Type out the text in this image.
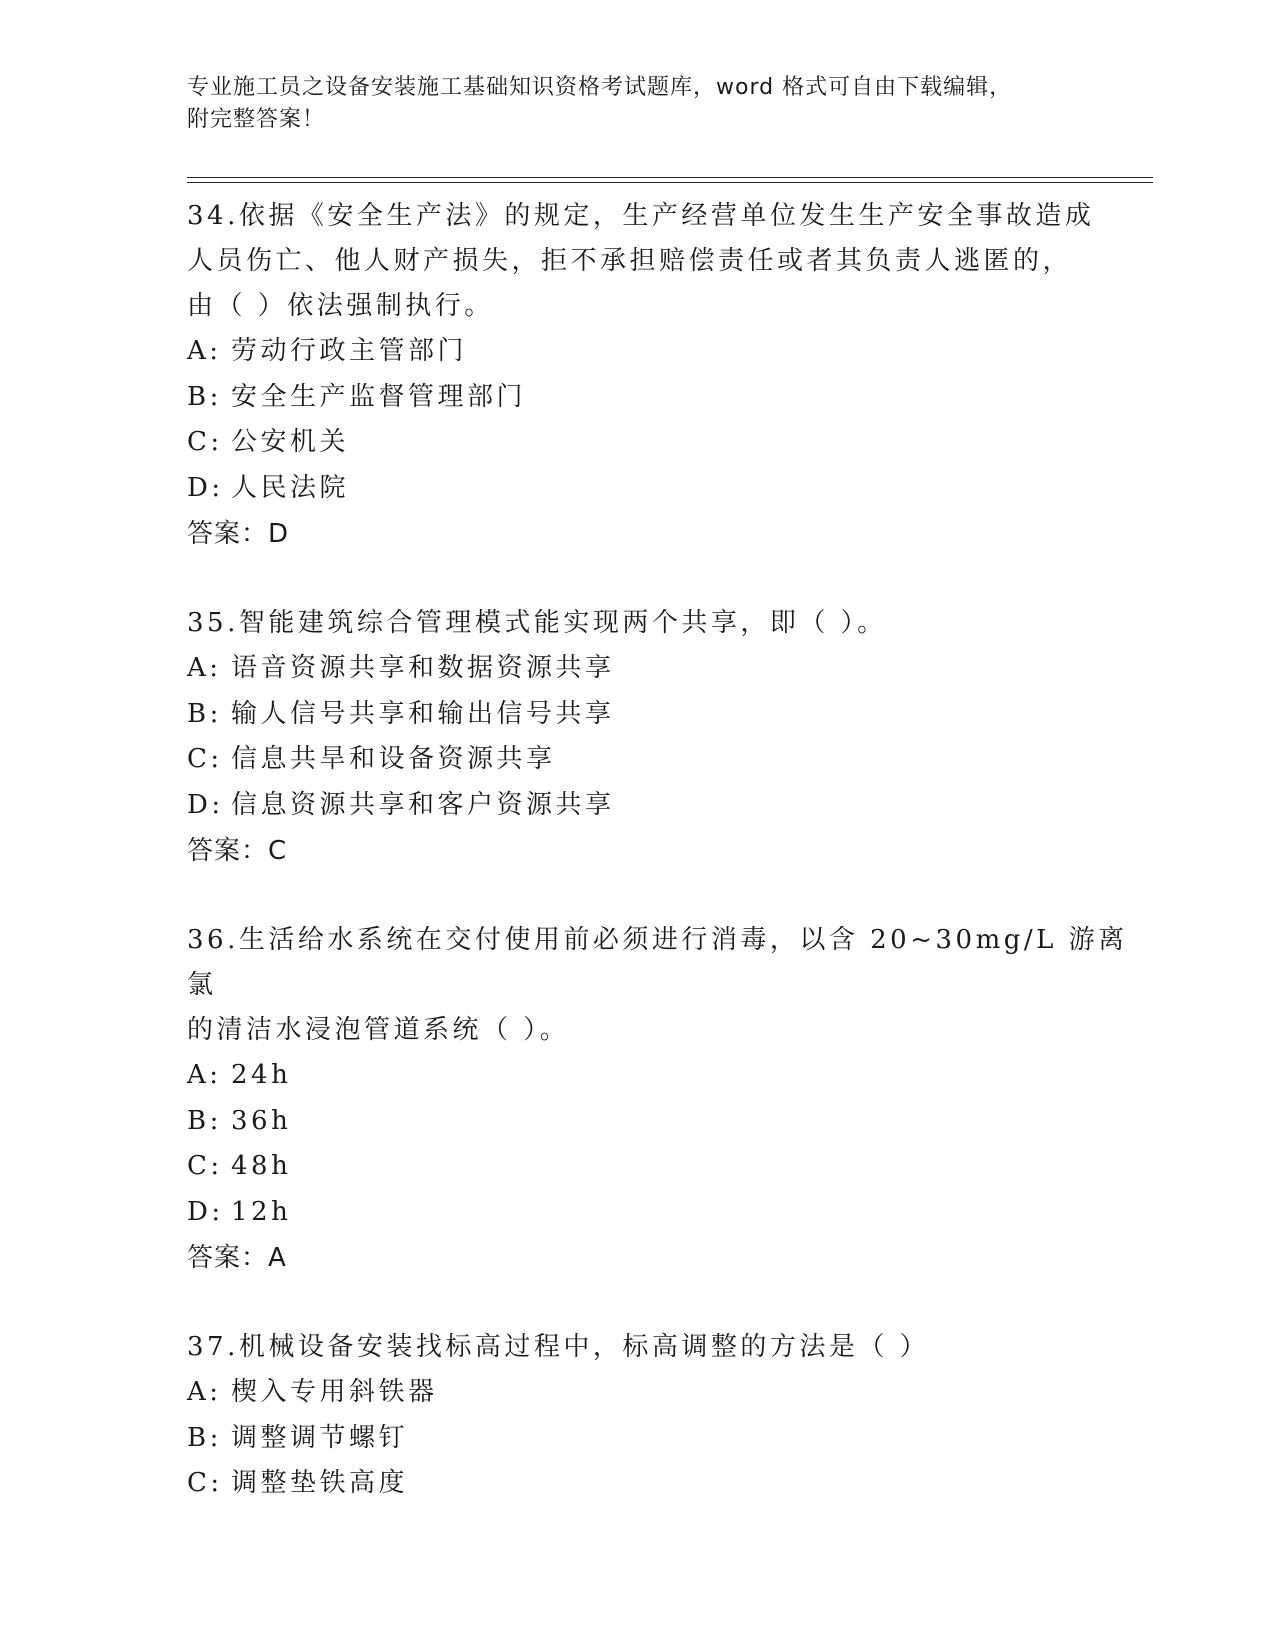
专业施工员之设备安装施工基础知识资格考试题库，word 格式可自由下载编辑，
附完整答案！

34.依据《安全生产法》的规定，生产经营单位发生生产安全事故造成
人员伤亡、他人财产损失，拒不承担赔偿责任或者其负责人逃匿的，
由（ ）依法强制执行。

A: 劳动行政主管部门

B: 安全生产监督管理部门

C: 公安机关

D: 人民法院

答案：D

35.智能建筑综合管理模式能实现两个共享，即（ ）。

A: 语音资源共享和数据资源共享

B: 输人信号共享和输出信号共享

C: 信息共旱和设备资源共享

D: 信息资源共享和客户资源共享

答案：C

36.生活给水系统在交付使用前必须进行消毒，以含 20~30mg/L 游离氯
的清洁水浸泡管道系统（ ）。

A: 24h

B: 36h

C: 48h

D: 12h

答案：A

37.机械设备安装找标高过程中，标高调整的方法是（ ）

A: 楔入专用斜铁器

B: 调整调节螺钉

C: 调整垫铁高度
